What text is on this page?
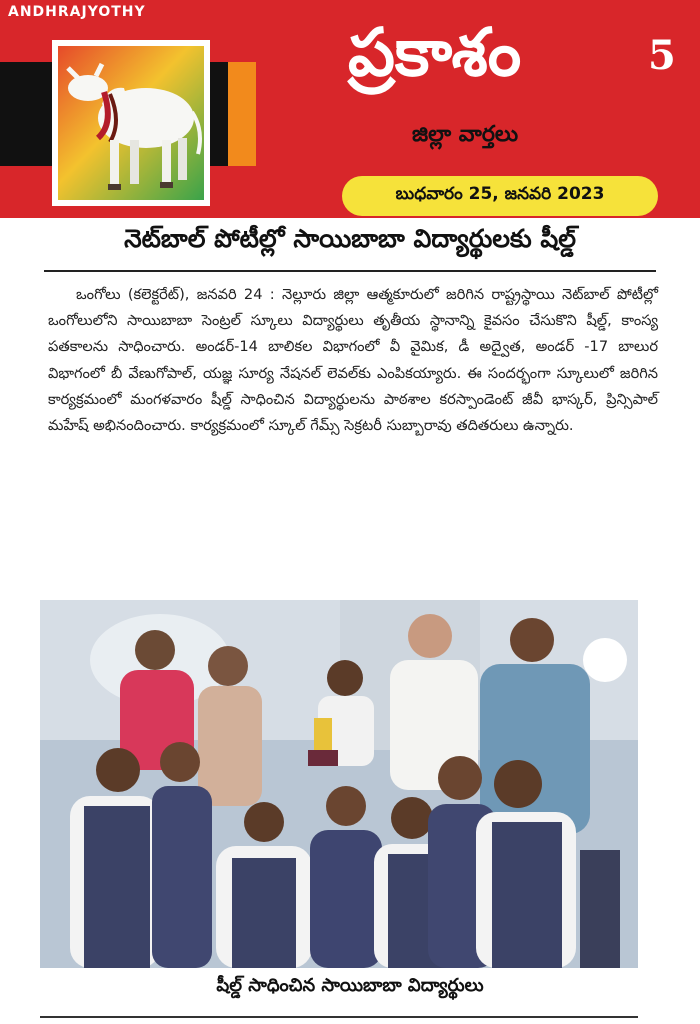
ANDHRAJYOTHY
ప్రకాశం	5
జిల్లా వార్తలు
బుధవారం 25, జనవరి 2023
నెట్‌బాల్ పోటీల్లో సాయిబాబా విద్యార్థులకు షీల్డ్

ఒంగోలు (కలెక్టరేట్), జనవరి 24 : నెల్లూరు జిల్లా ఆత్మకూరులో జరిగిన రాష్ట్రస్థాయి నెట్‌బాల్ పోటీల్లో ఒంగోలులోని సాయిబాబా సెంట్రల్ స్కూలు విద్యార్థులు తృతీయ స్థానాన్ని కైవసం చేసుకొని షీల్డ్, కాంస్య పతకాలను సాధించారు. అండర్-14 బాలికల విభాగంలో వీ వైమిక, డీ అద్వైత, అండర్ -17 బాలుర విభాగంలో బీ వేణుగోపాల్, యజ్ఞ సూర్య నేషనల్ లెవల్‌కు ఎంపికయ్యారు. ఈ సందర్భంగా స్కూలులో జరిగిన కార్యక్రమంలో మంగళవారం షీల్డ్ సాధించిన విద్యార్థులను పాఠశాల కరస్పాండెంట్ జీవీ భాస్కర్, ప్రిన్సిపాల్ మహేష్ అభినందించారు. కార్యక్రమంలో స్కూల్ గేమ్స్ సెక్రటరీ సుబ్బారావు తదితరులు ఉన్నారు.

షీల్డ్ సాధించిన సాయిబాబా విద్యార్థులు
